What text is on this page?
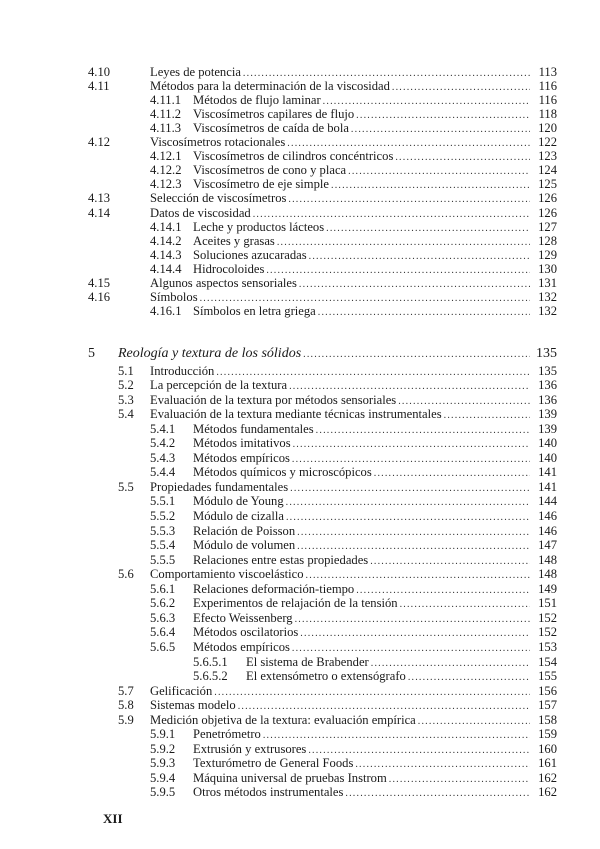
4.10	Leyes de potencia .....	113
4.11	Métodos para la determinación de la viscosidad .....	116
4.11.1 Métodos de flujo laminar .....	116
4.11.2 Viscosímetros capilares de flujo .....	118
4.11.3 Viscosímetros de caída de bola .....	120
4.12	Viscosímetros rotacionales .....	122
4.12.1 Viscosímetros de cilindros concéntricos .....	123
4.12.2 Viscosímetros de cono y placa .....	124
4.12.3 Viscosímetro de eje simple .....	125
4.13	Selección de viscosímetros .....	126
4.14	Datos de viscosidad .....	126
4.14.1 Leche y productos lácteos .....	127
4.14.2 Aceites y grasas .....	128
4.14.3 Soluciones azucaradas .....	129
4.14.4 Hidrocoloides .....	130
4.15	Algunos aspectos sensoriales .....	131
4.16	Símbolos .....	132
4.16.1 Símbolos en letra griega .....	132
5 Reología y textura de los sólidos .....	135
5.1 Introducción .....	135
5.2 La percepción de la textura .....	136
5.3 Evaluación de la textura por métodos sensoriales .....	136
5.4 Evaluación de la textura mediante técnicas instrumentales .....	139
5.4.1 Métodos fundamentales .....	139
5.4.2 Métodos imitativos .....	140
5.4.3 Métodos empíricos .....	140
5.4.4 Métodos químicos y microscópicos .....	141
5.5 Propiedades fundamentales .....	141
5.5.1 Módulo de Young .....	144
5.5.2 Módulo de cizalla .....	146
5.5.3 Relación de Poisson .....	146
5.5.4 Módulo de volumen .....	147
5.5.5 Relaciones entre estas propiedades .....	148
5.6 Comportamiento viscoelástico .....	148
5.6.1 Relaciones deformación-tiempo .....	149
5.6.2 Experimentos de relajación de la tensión .....	151
5.6.3 Efecto Weissenberg .....	152
5.6.4 Métodos oscilatorios .....	152
5.6.5 Métodos empíricos .....	153
5.6.5.1 El sistema de Brabender .....	154
5.6.5.2 El extensómetro o extensógrafo .....	155
5.7 Gelificación .....	156
5.8 Sistemas modelo .....	157
5.9 Medición objetiva de la textura: evaluación empírica .....	158
5.9.1 Penetrómetro .....	159
5.9.2 Extrusión y extrusores .....	160
5.9.3 Texturómetro de General Foods .....	161
5.9.4 Máquina universal de pruebas Instrom .....	162
5.9.5 Otros métodos instrumentales .....	162
XII
